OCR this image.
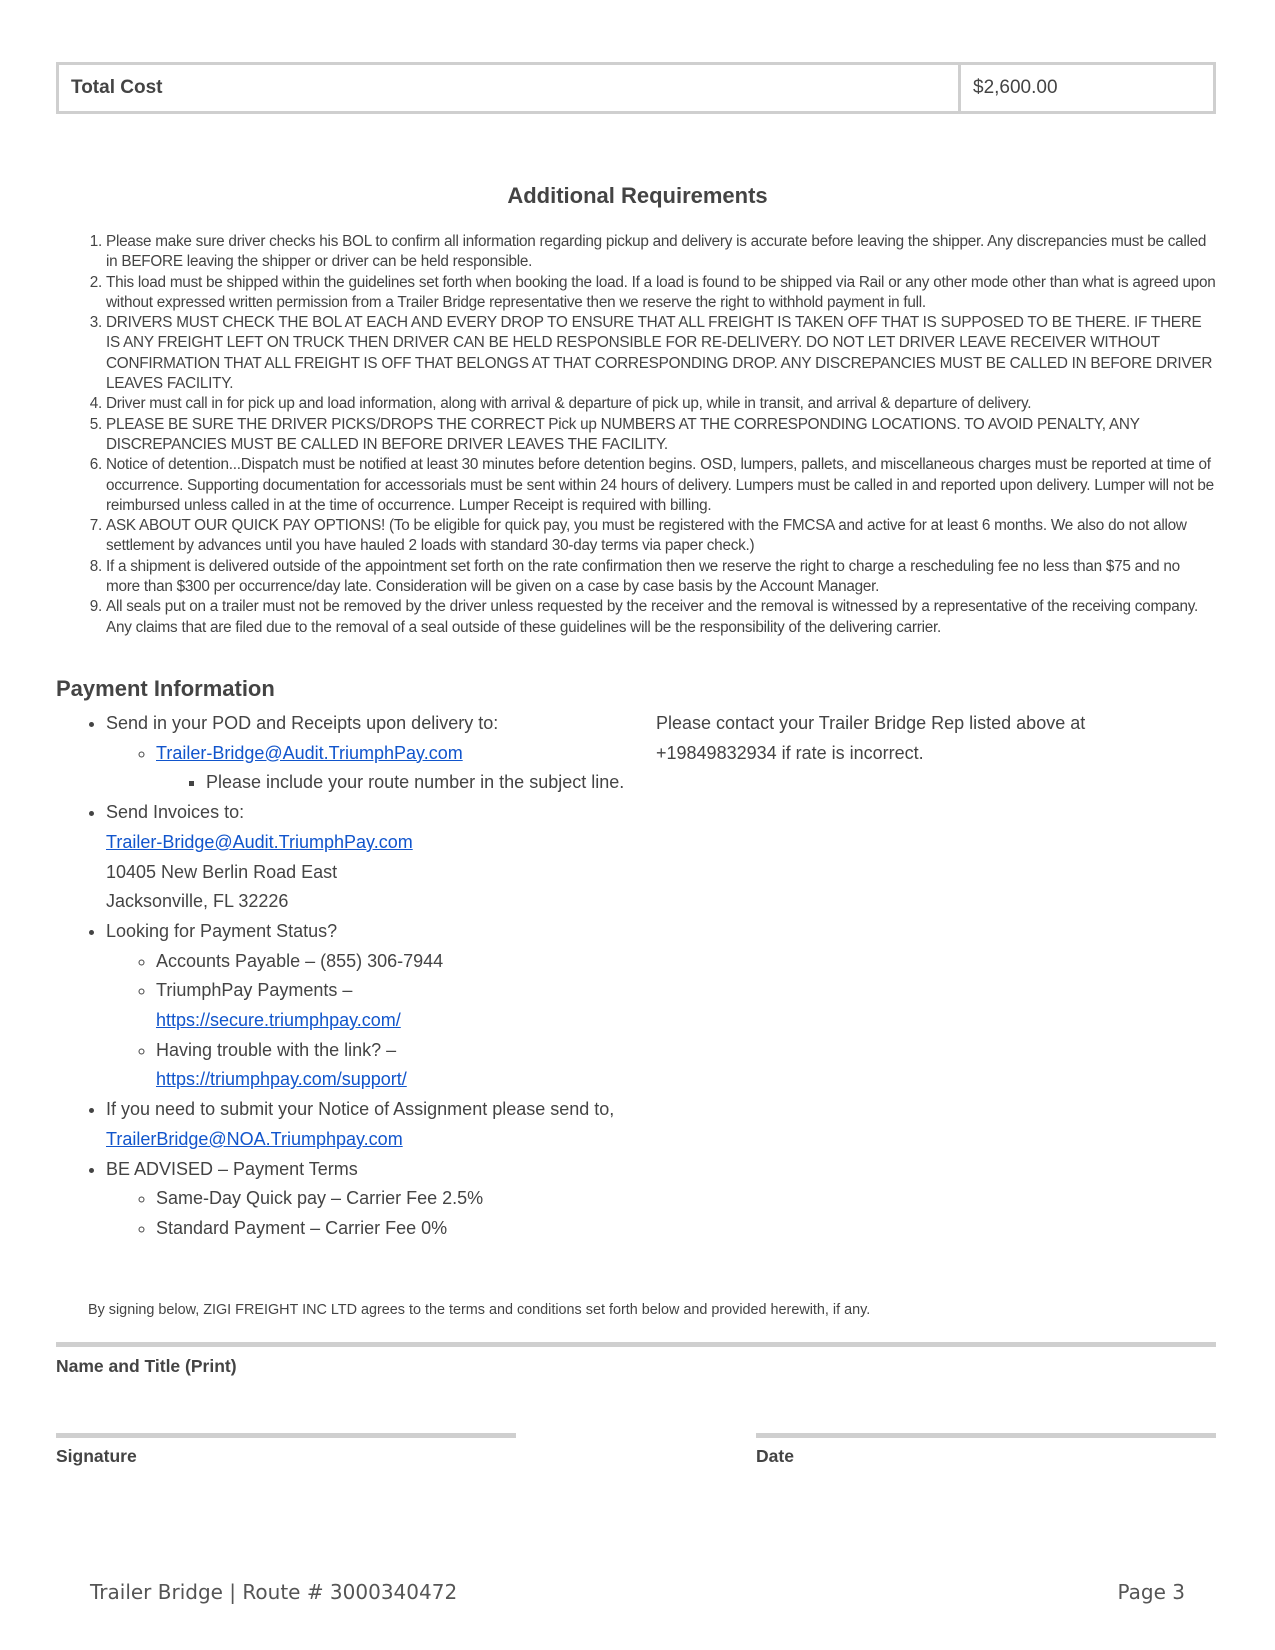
Total Cost	$2,600.00
Additional Requirements
1. Please make sure driver checks his BOL to confirm all information regarding pickup and delivery is accurate before leaving the shipper. Any discrepancies must be called in BEFORE leaving the shipper or driver can be held responsible.
2. This load must be shipped within the guidelines set forth when booking the load. If a load is found to be shipped via Rail or any other mode other than what is agreed upon without expressed written permission from a Trailer Bridge representative then we reserve the right to withhold payment in full.
3. DRIVERS MUST CHECK THE BOL AT EACH AND EVERY DROP TO ENSURE THAT ALL FREIGHT IS TAKEN OFF THAT IS SUPPOSED TO BE THERE. IF THERE IS ANY FREIGHT LEFT ON TRUCK THEN DRIVER CAN BE HELD RESPONSIBLE FOR RE-DELIVERY. DO NOT LET DRIVER LEAVE RECEIVER WITHOUT CONFIRMATION THAT ALL FREIGHT IS OFF THAT BELONGS AT THAT CORRESPONDING DROP. ANY DISCREPANCIES MUST BE CALLED IN BEFORE DRIVER LEAVES FACILITY.
4. Driver must call in for pick up and load information, along with arrival & departure of pick up, while in transit, and arrival & departure of delivery.
5. PLEASE BE SURE THE DRIVER PICKS/DROPS THE CORRECT Pick up NUMBERS AT THE CORRESPONDING LOCATIONS. TO AVOID PENALTY, ANY DISCREPANCIES MUST BE CALLED IN BEFORE DRIVER LEAVES THE FACILITY.
6. Notice of detention...Dispatch must be notified at least 30 minutes before detention begins. OSD, lumpers, pallets, and miscellaneous charges must be reported at time of occurrence. Supporting documentation for accessorials must be sent within 24 hours of delivery. Lumpers must be called in and reported upon delivery. Lumper will not be reimbursed unless called in at the time of occurrence. Lumper Receipt is required with billing.
7. ASK ABOUT OUR QUICK PAY OPTIONS! (To be eligible for quick pay, you must be registered with the FMCSA and active for at least 6 months. We also do not allow settlement by advances until you have hauled 2 loads with standard 30-day terms via paper check.)
8. If a shipment is delivered outside of the appointment set forth on the rate confirmation then we reserve the right to charge a rescheduling fee no less than $75 and no more than $300 per occurrence/day late. Consideration will be given on a case by case basis by the Account Manager.
9. All seals put on a trailer must not be removed by the driver unless requested by the receiver and the removal is witnessed by a representative of the receiving company. Any claims that are filed due to the removal of a seal outside of these guidelines will be the responsibility of the delivering carrier.
Payment Information
• Send in your POD and Receipts upon delivery to:
◦ Trailer-Bridge@Audit.TriumphPay.com
▪ Please include your route number in the subject line.
• Send Invoices to:
Trailer-Bridge@Audit.TriumphPay.com
10405 New Berlin Road East
Jacksonville, FL 32226
• Looking for Payment Status?
◦ Accounts Payable – (855) 306-7944
◦ TriumphPay Payments –
https://secure.triumphpay.com/
◦ Having trouble with the link? –
https://triumphpay.com/support/
• If you need to submit your Notice of Assignment please send to, TrailerBridge@NOA.Triumphpay.com
• BE ADVISED – Payment Terms
◦ Same-Day Quick pay – Carrier Fee 2.5%
◦ Standard Payment – Carrier Fee 0%
Please contact your Trailer Bridge Rep listed above at +19849832934 if rate is incorrect.
By signing below, ZIGI FREIGHT INC LTD agrees to the terms and conditions set forth below and provided herewith, if any.
Name and Title (Print)
Signature	Date
Trailer Bridge | Route # 3000340472	Page 3
